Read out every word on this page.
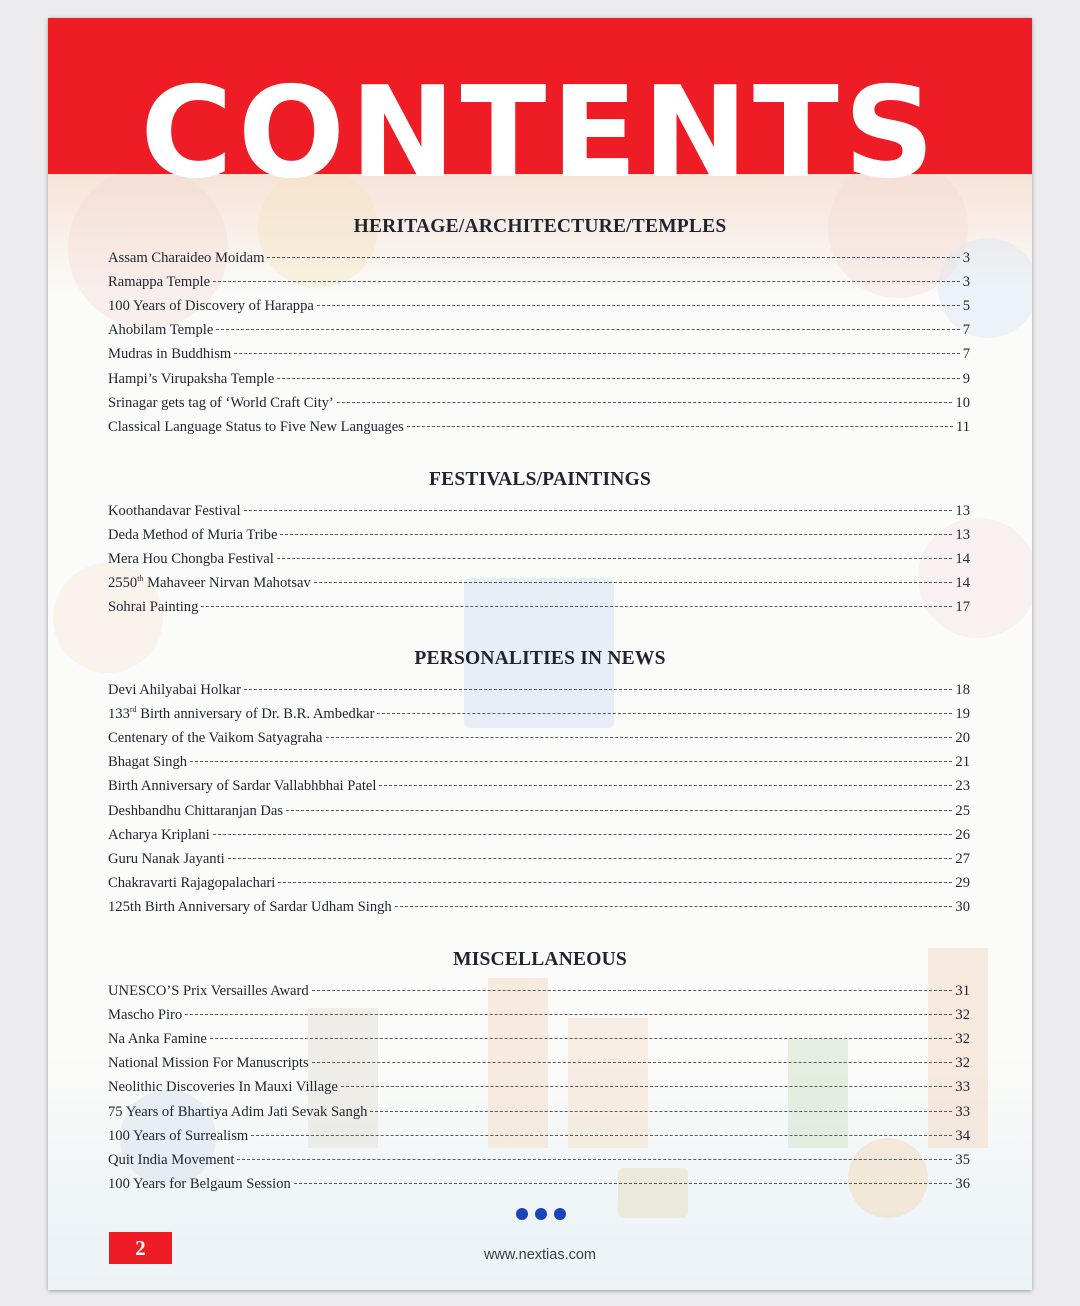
CONTENTS
HERITAGE/ARCHITECTURE/TEMPLES
Assam Charaideo Moidam	3
Ramappa Temple	3
100 Years of Discovery of Harappa	5
Ahobilam Temple	7
Mudras in Buddhism	7
Hampi’s Virupaksha Temple	9
Srinagar gets tag of ‘World Craft City’	10
Classical Language Status to Five New Languages	11
FESTIVALS/PAINTINGS
Koothandavar Festival	13
Deda Method of Muria Tribe	13
Mera Hou Chongba Festival	14
2550th Mahaveer Nirvan Mahotsav	14
Sohrai Painting	17
PERSONALITIES IN NEWS
Devi Ahilyabai Holkar	18
133rd Birth anniversary of Dr. B.R. Ambedkar	19
Centenary of the Vaikom Satyagraha	20
Bhagat Singh	21
Birth Anniversary of Sardar Vallabhbhai Patel	23
Deshbandhu Chittaranjan Das	25
Acharya Kriplani	26
Guru Nanak Jayanti	27
Chakravarti Rajagopalachari	29
125th Birth Anniversary of Sardar Udham Singh	30
MISCELLANEOUS
UNESCO’S Prix Versailles Award	31
Mascho Piro	32
Na Anka Famine	32
National Mission For Manuscripts	32
Neolithic Discoveries In Mauxi Village	33
75 Years of Bhartiya Adim Jati Sevak Sangh	33
100 Years of Surrealism	34
Quit India Movement	35
100 Years for Belgaum Session	36
2	www.nextias.com
